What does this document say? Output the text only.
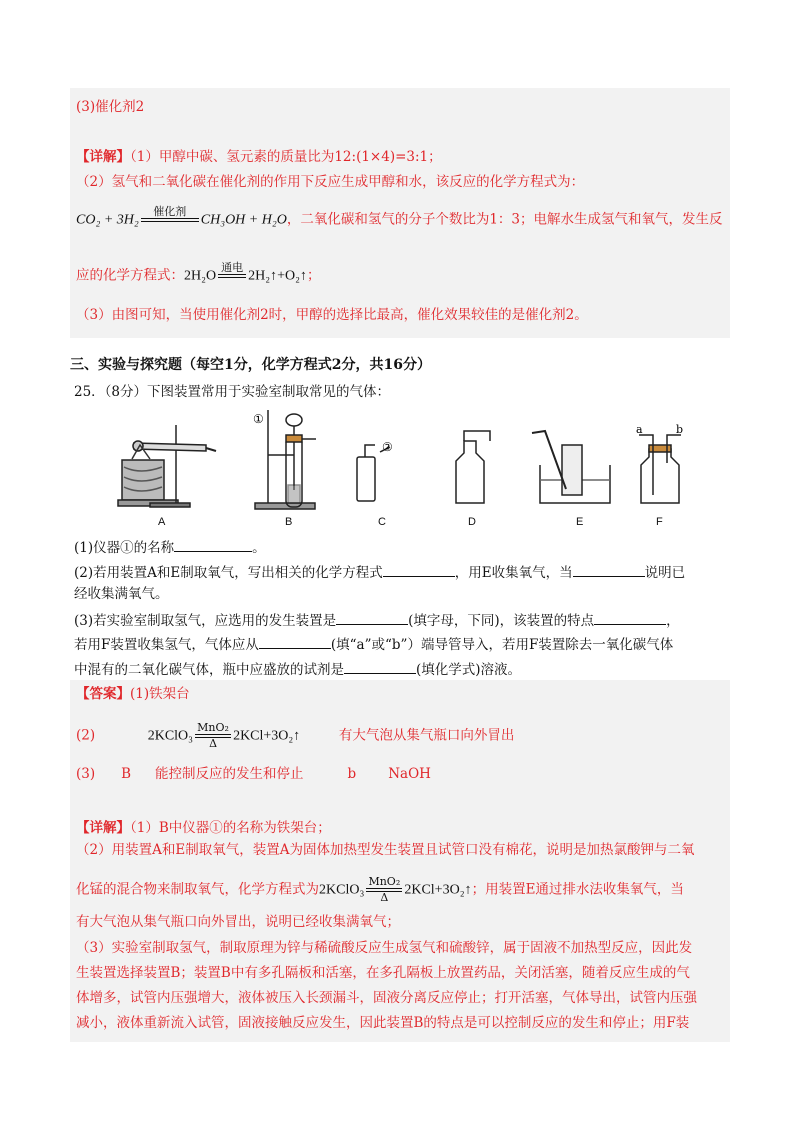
(3)催化剂2
【详解】（1）甲醇中碳、氢元素的质量比为12:(1×4)=3:1；
（2）氢气和二氧化碳在催化剂的作用下反应生成甲醇和水，该反应的化学方程式为：
CO₂ + 3H₂
催化剂

CH₃OH + H₂O，二氧化碳和氢气的分子个数比为1：3；电解水生成氢气和氧气，发生反
应的化学方程式：2H₂O
通电

2H₂↑+O₂↑；
（3）由图可知，当使用催化剂2时，甲醇的选择比最高，催化效果较佳的是催化剂2。
三、实验与探究题（每空1分，化学方程式2分，共16分）
25．（8分）下图装置常用于实验室制取常见的气体：
①
②
a	b
A	B	C	D	E	F
(1)仪器①的名称	。
(2)若用装置A和E制取氧气，写出相关的化学方程式	，用E收集氧气，当	说明已
经收集满氧气。
(3)若实验室制取氢气，应选用的发生装置是	(填字母，下同)，该装置的特点	，
若用F装置收集氢气，气体应从	(填“a”或“b”）端导管导入，若用F装置除去一氧化碳气体
中混有的二氧化碳气体，瓶中应盛放的试剂是	(填化学式)溶液。
【答案】(1)铁架台
(2)	2KClO₃ $\frac{\text{MnO₂}}{\Delta}$ 2KCl+3O₂↑	有大气泡从集气瓶口向外冒出
(3) B 能控制反应的发生和停止	b NaOH
【详解】（1）B中仪器①的名称为铁架台；
（2）用装置A和E制取氧气，装置A为固体加热型发生装置且试管口没有棉花，说明是加热氯酸钾与二氧
化锰的混合物来制取氧气，化学方程式为2KClO₃ $\frac{\text{MnO₂}}{\Delta}$ 2KCl+3O₂↑；用装置E通过排水法收集氧气，当
有大气泡从集气瓶口向外冒出，说明已经收集满氧气；
（3）实验室制取氢气，制取原理为锌与稀硫酸反应生成氢气和硫酸锌，属于固液不加热型反应，因此发
生装置选择装置B；装置B中有多孔隔板和活塞，在多孔隔板上放置药品，关闭活塞，随着反应生成的气
体增多，试管内压强增大，液体被压入长颈漏斗，固液分离反应停止；打开活塞，气体导出，试管内压强
减小，液体重新流入试管，固液接触反应发生，因此装置B的特点是可以控制反应的发生和停止；用F装
